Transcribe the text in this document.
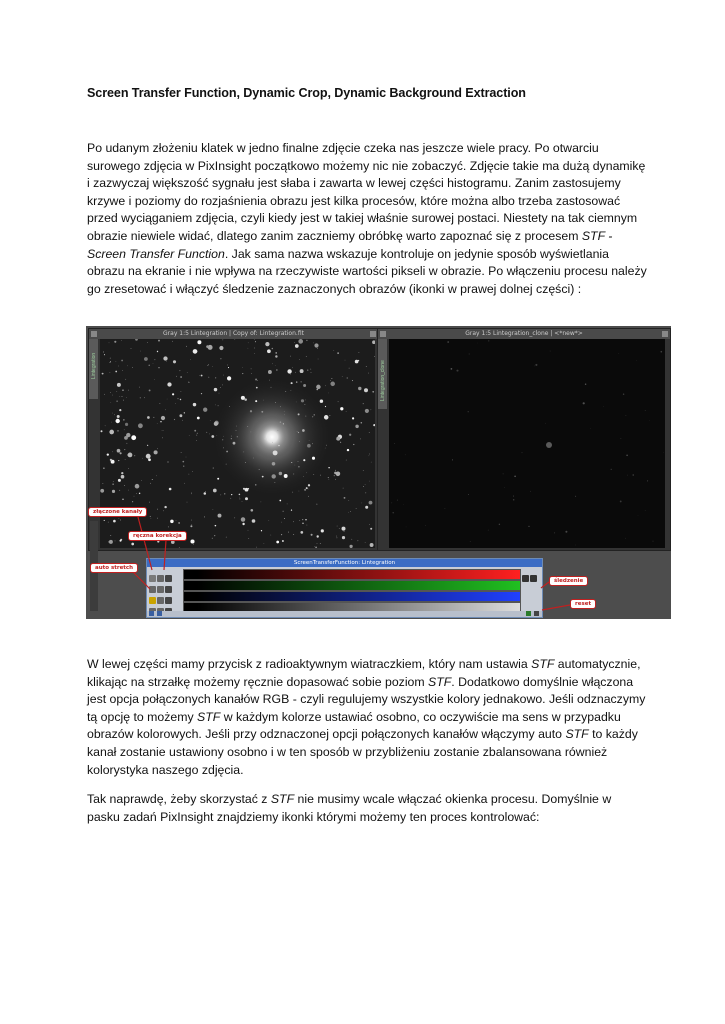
Screen Transfer Function, Dynamic Crop, Dynamic Background Extraction

Po udanym złożeniu klatek w jedno finalne zdjęcie czeka nas jeszcze wiele pracy. Po otwarciu surowego zdjęcia w PixInsight początkowo możemy nic nie zobaczyć. Zdjęcie takie ma dużą dynamikę i zazwyczaj większość sygnału jest słaba i zawarta w lewej części histogramu. Zanim zastosujemy krzywe i poziomy do rozjaśnienia obrazu jest kilka procesów, które można albo trzeba zastosować przed wyciąganiem zdjęcia, czyli kiedy jest w takiej właśnie surowej postaci. Niestety na tak ciemnym obrazie niewiele widać, dlatego zanim zaczniemy obróbkę warto zapoznać się z procesem STF - Screen Transfer Function. Jak sama nazwa wskazuje kontroluje on jedynie sposób wyświetlania obrazu na ekranie i nie wpływa na rzeczywiste wartości pikseli w obrazie. Po włączeniu procesu należy go zresetować i włączyć śledzenie zaznaczonych obrazów (ikonki w prawej dolnej części) :

Gray 1:5 Lintegration | Copy of: Lintegration.fit
Lintegration
Gray 1:5 Lintegration_clone | <*new*>
Lintegration_clone
ScreenTransferFunction: Lintegration
złączone kanały
ręczna korekcja
auto stretch
śledzenie
reset

W lewej części mamy przycisk z radioaktywnym wiatraczkiem, który nam ustawia STF automatycznie, klikając na strzałkę możemy ręcznie dopasować sobie poziom STF. Dodatkowo domyślnie włączona jest opcja połączonych kanałów RGB - czyli regulujemy wszystkie kolory jednakowo. Jeśli odznaczymy tą opcję to możemy STF w każdym kolorze ustawiać osobno, co oczywiście ma sens w przypadku obrazów kolorowych. Jeśli przy odznaczonej opcji połączonych kanałów włączymy auto STF to każdy kanał zostanie ustawiony osobno i w ten sposób w przybliżeniu zostanie zbalansowana również kolorystyka naszego zdjęcia.

Tak naprawdę, żeby skorzystać z STF nie musimy wcale włączać okienka procesu. Domyślnie w pasku zadań PixInsight znajdziemy ikonki którymi możemy ten proces kontrolować:
